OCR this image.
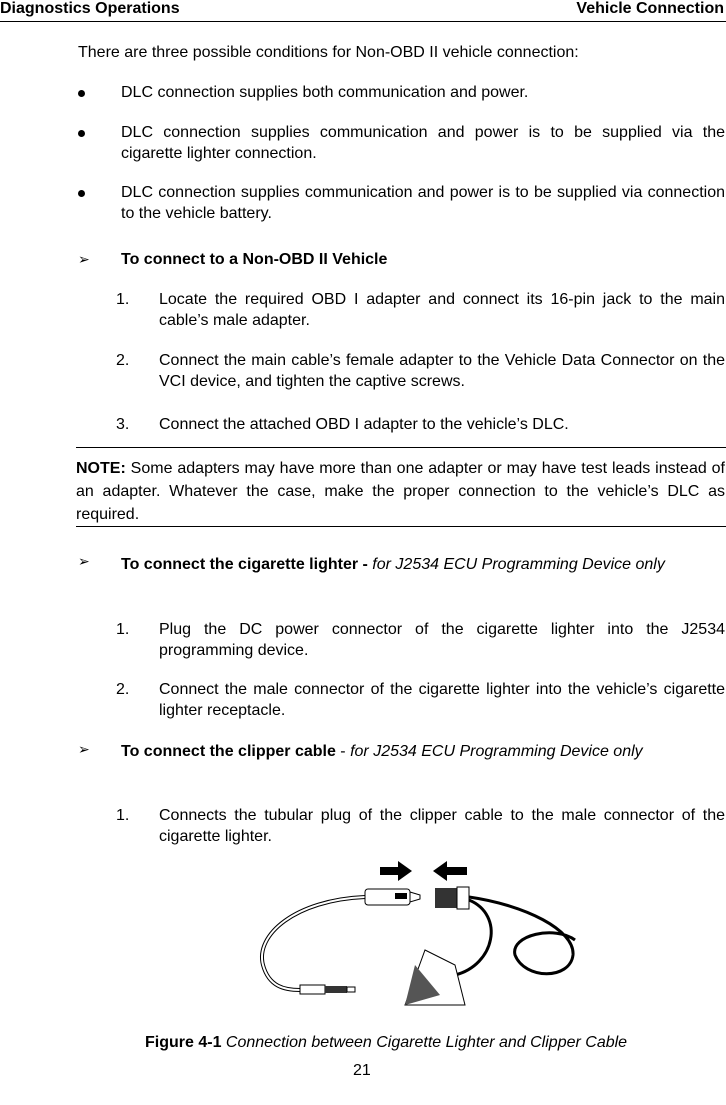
Diagnostics Operations	Vehicle Connection
There are three possible conditions for Non-OBD II vehicle connection:
DLC connection supplies both communication and power.
DLC connection supplies communication and power is to be supplied via the cigarette lighter connection.
DLC connection supplies communication and power is to be supplied via connection to the vehicle battery.
➢ To connect to a Non-OBD II Vehicle
1. Locate the required OBD I adapter and connect its 16-pin jack to the main cable’s male adapter.
2. Connect the main cable’s female adapter to the Vehicle Data Connector on the VCI device, and tighten the captive screws.
3. Connect the attached OBD I adapter to the vehicle’s DLC.
NOTE: Some adapters may have more than one adapter or may have test leads instead of an adapter. Whatever the case, make the proper connection to the vehicle’s DLC as required.
➢ To connect the cigarette lighter - for J2534 ECU Programming Device only
1. Plug the DC power connector of the cigarette lighter into the J2534 programming device.
2. Connect the male connector of the cigarette lighter into the vehicle’s cigarette lighter receptacle.
➢ To connect the clipper cable - for J2534 ECU Programming Device only
1. Connects the tubular plug of the clipper cable to the male connector of the cigarette lighter.
Figure 4-1 Connection between Cigarette Lighter and Clipper Cable
21
